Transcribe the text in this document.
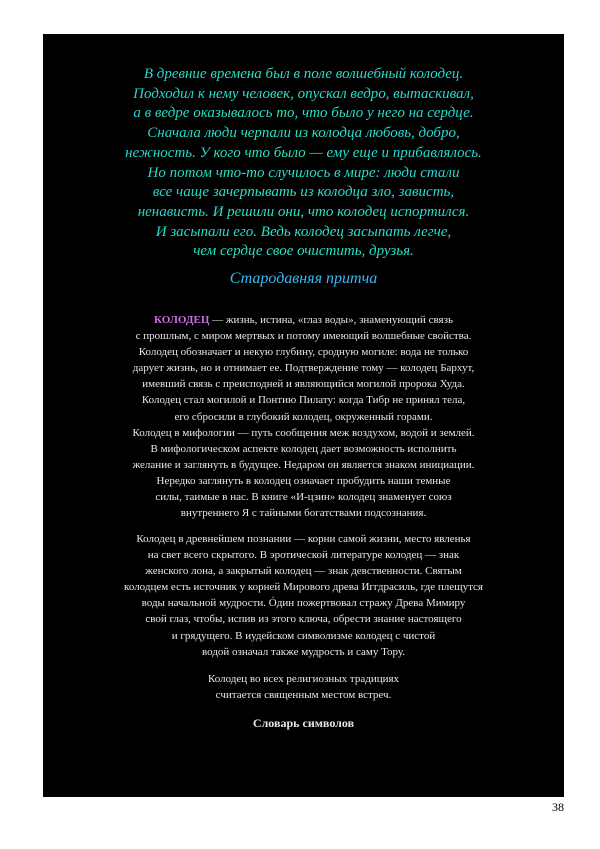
В древние времена был в поле волшебный колодец.
Подходил к нему человек, опускал ведро, вытаскивал,
а в ведре оказывалось то, что было у него на сердце.
Сначала люди черпали из колодца любовь, добро,
нежность. У кого что было — ему еще и прибавлялось.
Но потом что-то случилось в мире: люди стали
все чаще зачерпывать из колодца зло, зависть,
ненависть. И решили они, что колодец испортился.
И засыпали его. Ведь колодец засыпать легче,
чем сердце свое очистить, друзья.
Стародавняя притча
КОЛОДЕЦ — жизнь, истина, «глаз воды», знаменующий связь
с прошлым, с миром мертвых и потому имеющий волшебные свойства.
Колодец обозначает и некую глубину, сродную могиле: вода не только
дарует жизнь, но и отнимает ее. Подтверждение тому — колодец Бархут,
имевший связь с преисподней и являющийся могилой пророка Худа.
Колодец стал могилой и Понтию Пилату: когда Тибр не принял тела,
его сбросили в глубокий колодец, окруженный горами.
Колодец в мифологии — путь сообщения меж воздухом, водой и землей.
В мифологическом аспекте колодец дает возможность исполнить
желание и заглянуть в будущее. Недаром он является знаком инициации.
Нередко заглянуть в колодец означает пробудить наши темные
силы, таимые в нас. В книге «И-цзин» колодец знаменует союз
внутреннего Я с тайными богатствами подсознания.
Колодец в древнейшем познании — корни самой жизни, место явленья
на свет всего скрытого. В эротической литературе колодец — знак
женского лона, а закрытый колодец — знак девственности. Святым
колодцем есть источник у корней Мирового древа Иггдрасиль, где плещутся
воды начальной мудрости. Óдин пожертвовал стражу Древа Мимиру
свой глаз, чтобы, испив из этого ключа, обрести знание настоящего
и грядущего. В иудейском символизме колодец с чистой
водой означал также мудрость и саму Тору.
Колодец во всех религиозных традициях
считается священным местом встреч.
Словарь символов
38
